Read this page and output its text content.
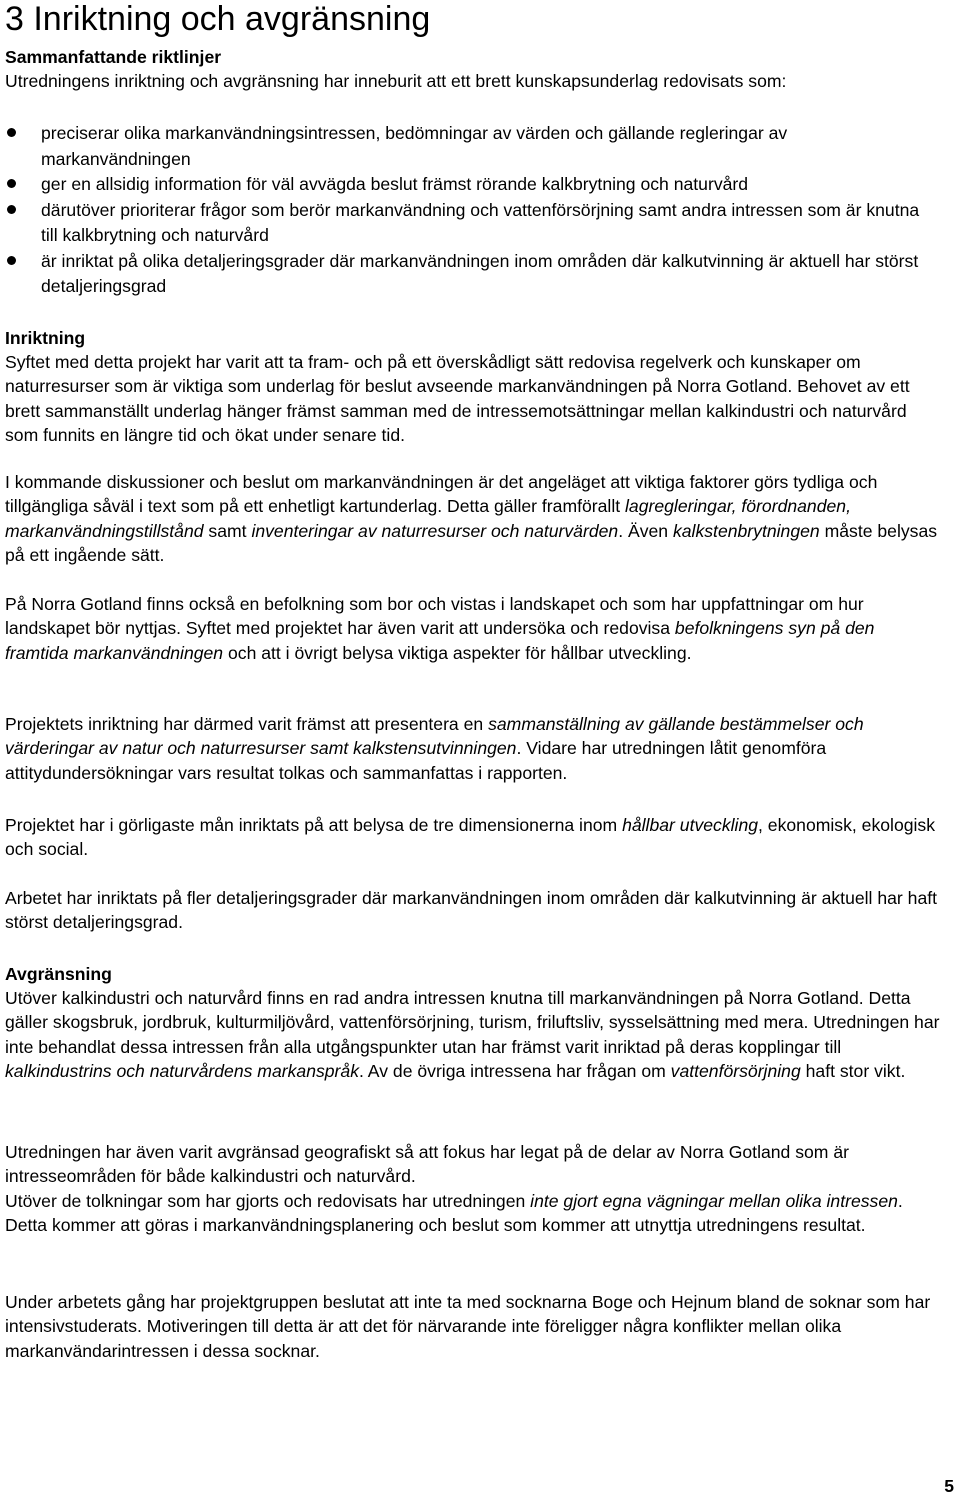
3 Inriktning och avgränsning

Sammanfattande riktlinjer

Utredningens inriktning och avgränsning har inneburit att ett brett kunskapsunderlag redovisats som:

preciserar olika markanvändningsintressen, bedömningar av värden och gällande regleringar av markanvändningen
ger en allsidig information för väl avvägda beslut främst rörande kalkbrytning och naturvård
därutöver prioriterar frågor som berör markanvändning och vattenförsörjning samt andra intressen som är knutna till kalkbrytning och naturvård
är inriktat på olika detaljeringsgrader där markanvändningen inom områden där kalkutvinning är aktuell har störst detaljeringsgrad

Inriktning

Syftet med detta projekt har varit att ta fram- och på ett överskådligt sätt redovisa regelverk och kunskaper om naturresurser som är viktiga som underlag för beslut avseende markanvändningen på Norra Gotland. Behovet av ett brett sammanställt underlag hänger främst samman med de intressemotsättningar mellan kalkindustri och naturvård som funnits en längre tid och ökat under senare tid.

I kommande diskussioner och beslut om markanvändningen är det angeläget att viktiga faktorer görs tydliga och tillgängliga såväl i text som på ett enhetligt kartunderlag. Detta gäller framförallt lagregleringar, förordnanden, markanvändningstillstånd samt inventeringar av naturresurser och naturvärden. Även kalkstenbrytningen måste belysas på ett ingående sätt.

På Norra Gotland finns också en befolkning som bor och vistas i landskapet och som har uppfattningar om hur landskapet bör nyttjas. Syftet med projektet har även varit att undersöka och redovisa befolkningens syn på den framtida markanvändningen och att i övrigt belysa viktiga aspekter för hållbar utveckling.

Projektets inriktning har därmed varit främst att presentera en sammanställning av gällande bestämmelser och värderingar av natur och naturresurser samt kalkstensutvinningen. Vidare har utredningen låtit genomföra attitydundersökningar vars resultat tolkas och sammanfattas i rapporten.

Projektet har i görligaste mån inriktats på att belysa de tre dimensionerna inom hållbar utveckling, ekonomisk, ekologisk och social.

Arbetet har inriktats på fler detaljeringsgrader där markanvändningen inom områden där kalkutvinning är aktuell har haft störst detaljeringsgrad.

Avgränsning

Utöver kalkindustri och naturvård finns en rad andra intressen knutna till markanvändningen på Norra Gotland. Detta gäller skogsbruk, jordbruk, kulturmiljövård, vattenförsörjning, turism, friluftsliv, sysselsättning med mera. Utredningen har inte behandlat dessa intressen från alla utgångspunkter utan har främst varit inriktad på deras kopplingar till kalkindustrins och naturvårdens markanspråk. Av de övriga intressena har frågan om vattenförsörjning haft stor vikt.

Utredningen har även varit avgränsad geografiskt så att fokus har legat på de delar av Norra Gotland som är intresseområden för både kalkindustri och naturvård.

Utöver de tolkningar som har gjorts och redovisats har utredningen inte gjort egna vägningar mellan olika intressen. Detta kommer att göras i markanvändningsplanering och beslut som kommer att utnyttja utredningens resultat.

Under arbetets gång har projektgruppen beslutat att inte ta med socknarna Boge och Hejnum bland de soknar som har intensivstuderats. Motiveringen till detta är att det för närvarande inte föreligger några konflikter mellan olika markanvändarintressen i dessa socknar.

5
